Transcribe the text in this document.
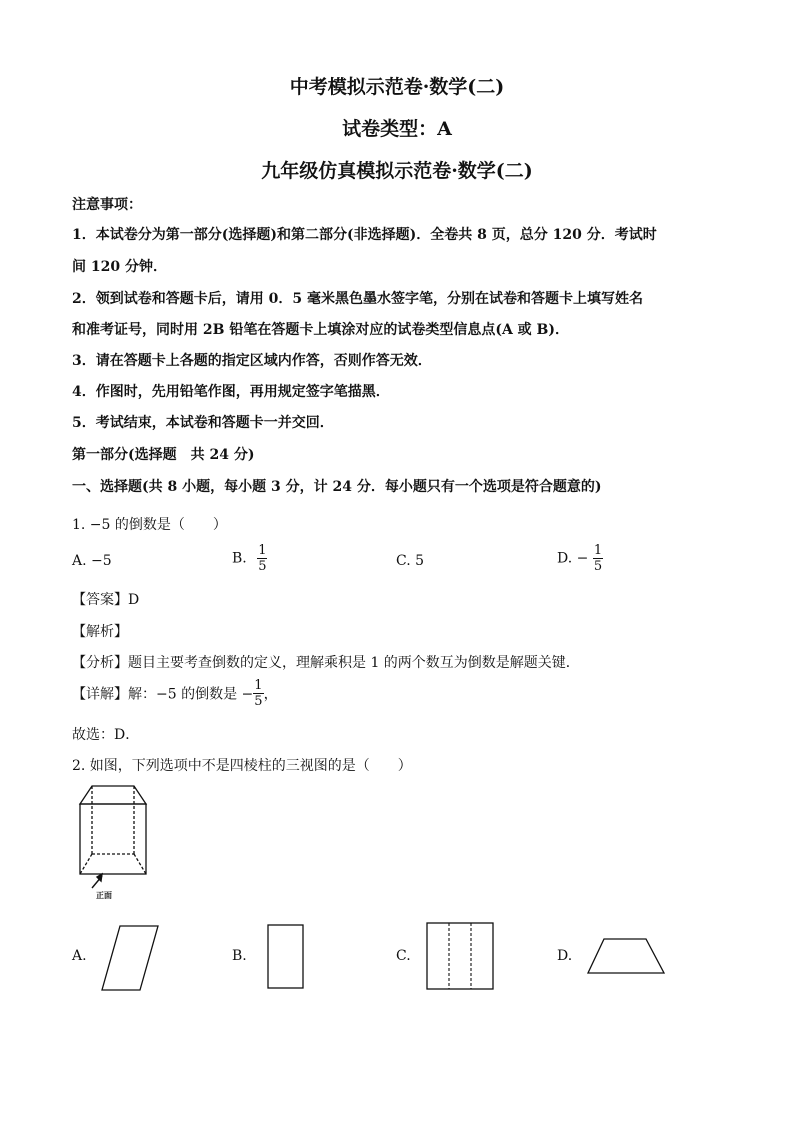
中考模拟示范卷·数学(二)
试卷类型：A
九年级仿真模拟示范卷·数学(二)
注意事项：
1．本试卷分为第一部分(选择题)和第二部分(非选择题)．全卷共 8 页，总分 120 分．考试时
间 120 分钟．
2．领到试卷和答题卡后，请用 0．5 毫米黑色墨水签字笔，分别在试卷和答题卡上填写姓名
和准考证号，同时用 2B 铅笔在答题卡上填涂对应的试卷类型信息点(A 或 B)．
3．请在答题卡上各题的指定区域内作答，否则作答无效．
4．作图时，先用铅笔作图，再用规定签字笔描黑．
5．考试结束，本试卷和答题卡一并交回．
第一部分(选择题　共 24 分)
一、选择题(共 8 小题，每小题 3 分，计 24 分．每小题只有一个选项是符合题意的)
1. −5 的倒数是（　　）
A. −5	B. $\frac{1}{5}$	C. 5	D. − $\frac{1}{5}$
【答案】D
【解析】
【分析】题目主要考查倒数的定义，理解乘积是 1 的两个数互为倒数是解题关键．
【详解】解：−5 的倒数是 − $\frac{1}{5}$ ，
故选：D．
2. 如图，下列选项中不是四棱柱的三视图的是（　　）
正面
A.	B.	C.	D.
